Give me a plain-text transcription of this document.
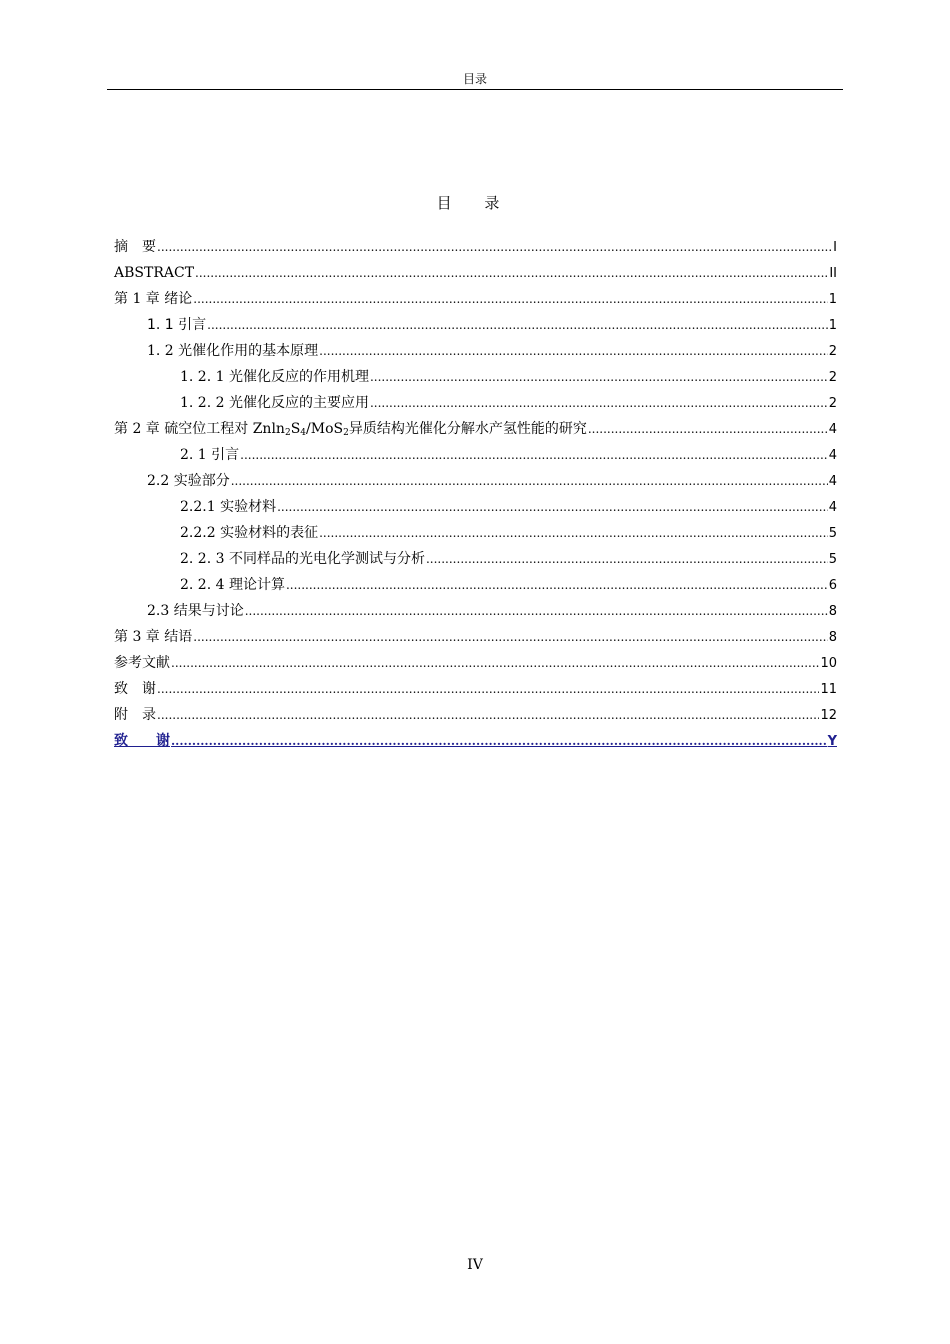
目录
目 录
摘　要 .....	I
ABSTRACT .....	II
第 1 章 绪论 .....	1
1. 1 引言 .....	1
1. 2 光催化作用的基本原理 .....	2
1. 2. 1 光催化反应的作用机理 .....	2
1. 2. 2 光催化反应的主要应用 .....	2
第 2 章 硫空位工程对 $Znln_2S_4/MoS_2$异质结构光催化分解水产氢性能的研究 .....	4
2. 1 引言 .....	4
2.2 实验部分 .....	4
2.2.1 实验材料 .....	4
2.2.2 实验材料的表征 .....	5
2. 2. 3 不同样品的光电化学测试与分析 .....	5
2. 2. 4 理论计算 .....	6
2.3 结果与讨论 .....	8
第 3 章 结语 .....	8
参考文献 .....	10
致　谢 .....	11
附　录 .....	12
致　　谢 .....	Y
IV
